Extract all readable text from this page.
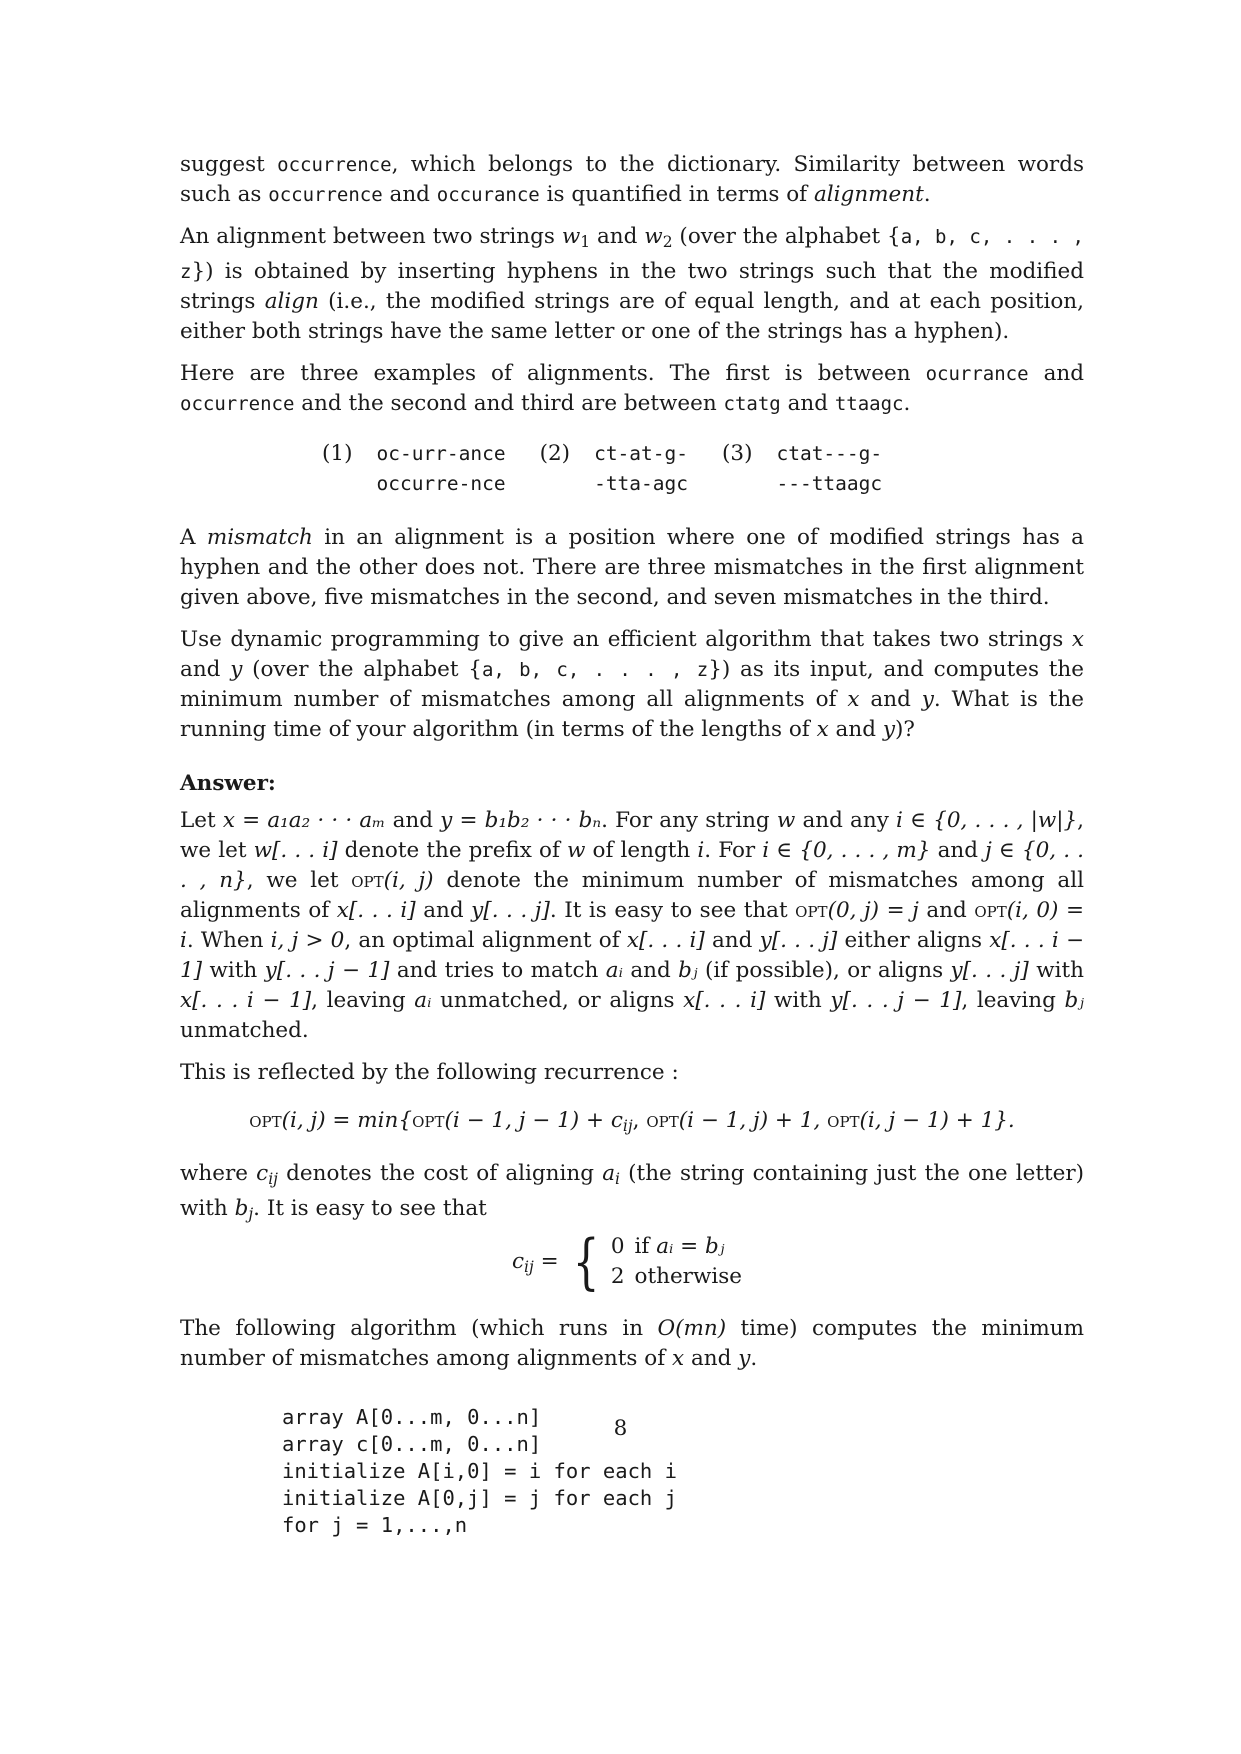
suggest occurrence, which belongs to the dictionary. Similarity between words such as occurrence and occurance is quantified in terms of alignment.

An alignment between two strings w1 and w2 (over the alphabet {a, b, c, . . . , z}) is obtained by inserting hyphens in the two strings such that the modified strings align (i.e., the modified strings are of equal length, and at each position, either both strings have the same letter or one of the strings has a hyphen).

Here are three examples of alignments. The first is between ocurrance and occurrence and the second and third are between ctatg and ttaagc.

(1) oc-urr-ance
occurre-nce
(2) ct-at-g-
-tta-agc
(3) ctat---g-
---ttaagc

A mismatch in an alignment is a position where one of modified strings has a hyphen and the other does not. There are three mismatches in the first alignment given above, five mismatches in the second, and seven mismatches in the third.

Use dynamic programming to give an efficient algorithm that takes two strings x and y (over the alphabet {a, b, c, . . . , z}) as its input, and computes the minimum number of mismatches among all alignments of x and y. What is the running time of your algorithm (in terms of the lengths of x and y)?

Answer:

Let x = a₁a₂ · · · aₘ and y = b₁b₂ · · · bₙ. For any string w and any i ∈ {0, . . . , |w|}, we let w[. . . i] denote the prefix of w of length i. For i ∈ {0, . . . , m} and j ∈ {0, . . . , n}, we let opt(i, j) denote the minimum number of mismatches among all alignments of x[. . . i] and y[. . . j]. It is easy to see that opt(0, j) = j and opt(i, 0) = i. When i, j > 0, an optimal alignment of x[. . . i] and y[. . . j] either aligns x[. . . i − 1] with y[. . . j − 1] and tries to match aᵢ and bⱼ (if possible), or aligns y[. . . j] with x[. . . i − 1], leaving aᵢ unmatched, or aligns x[. . . i] with y[. . . j − 1], leaving bⱼ unmatched.

This is reflected by the following recurrence :

opt(i, j) = min{opt(i − 1, $j - 1) + c_{ij}$, opt(i − 1, j) + 1, opt(i, j − 1) + 1}.

where $c_{ij}$ denotes the cost of aligning $a_i$ (the string containing just the one letter) with $b_j$. It is easy to see that

$c_{ij}$ = { 0	if aᵢ = bⱼ
2	otherwise

The following algorithm (which runs in O(mn) time) computes the minimum number of mismatches among alignments of x and y.

array A[0...m, 0...n]
array c[0...m, 0...n]
initialize A[i,0] = i for each i
initialize A[0,j] = j for each j
for j = 1,...,n
8
